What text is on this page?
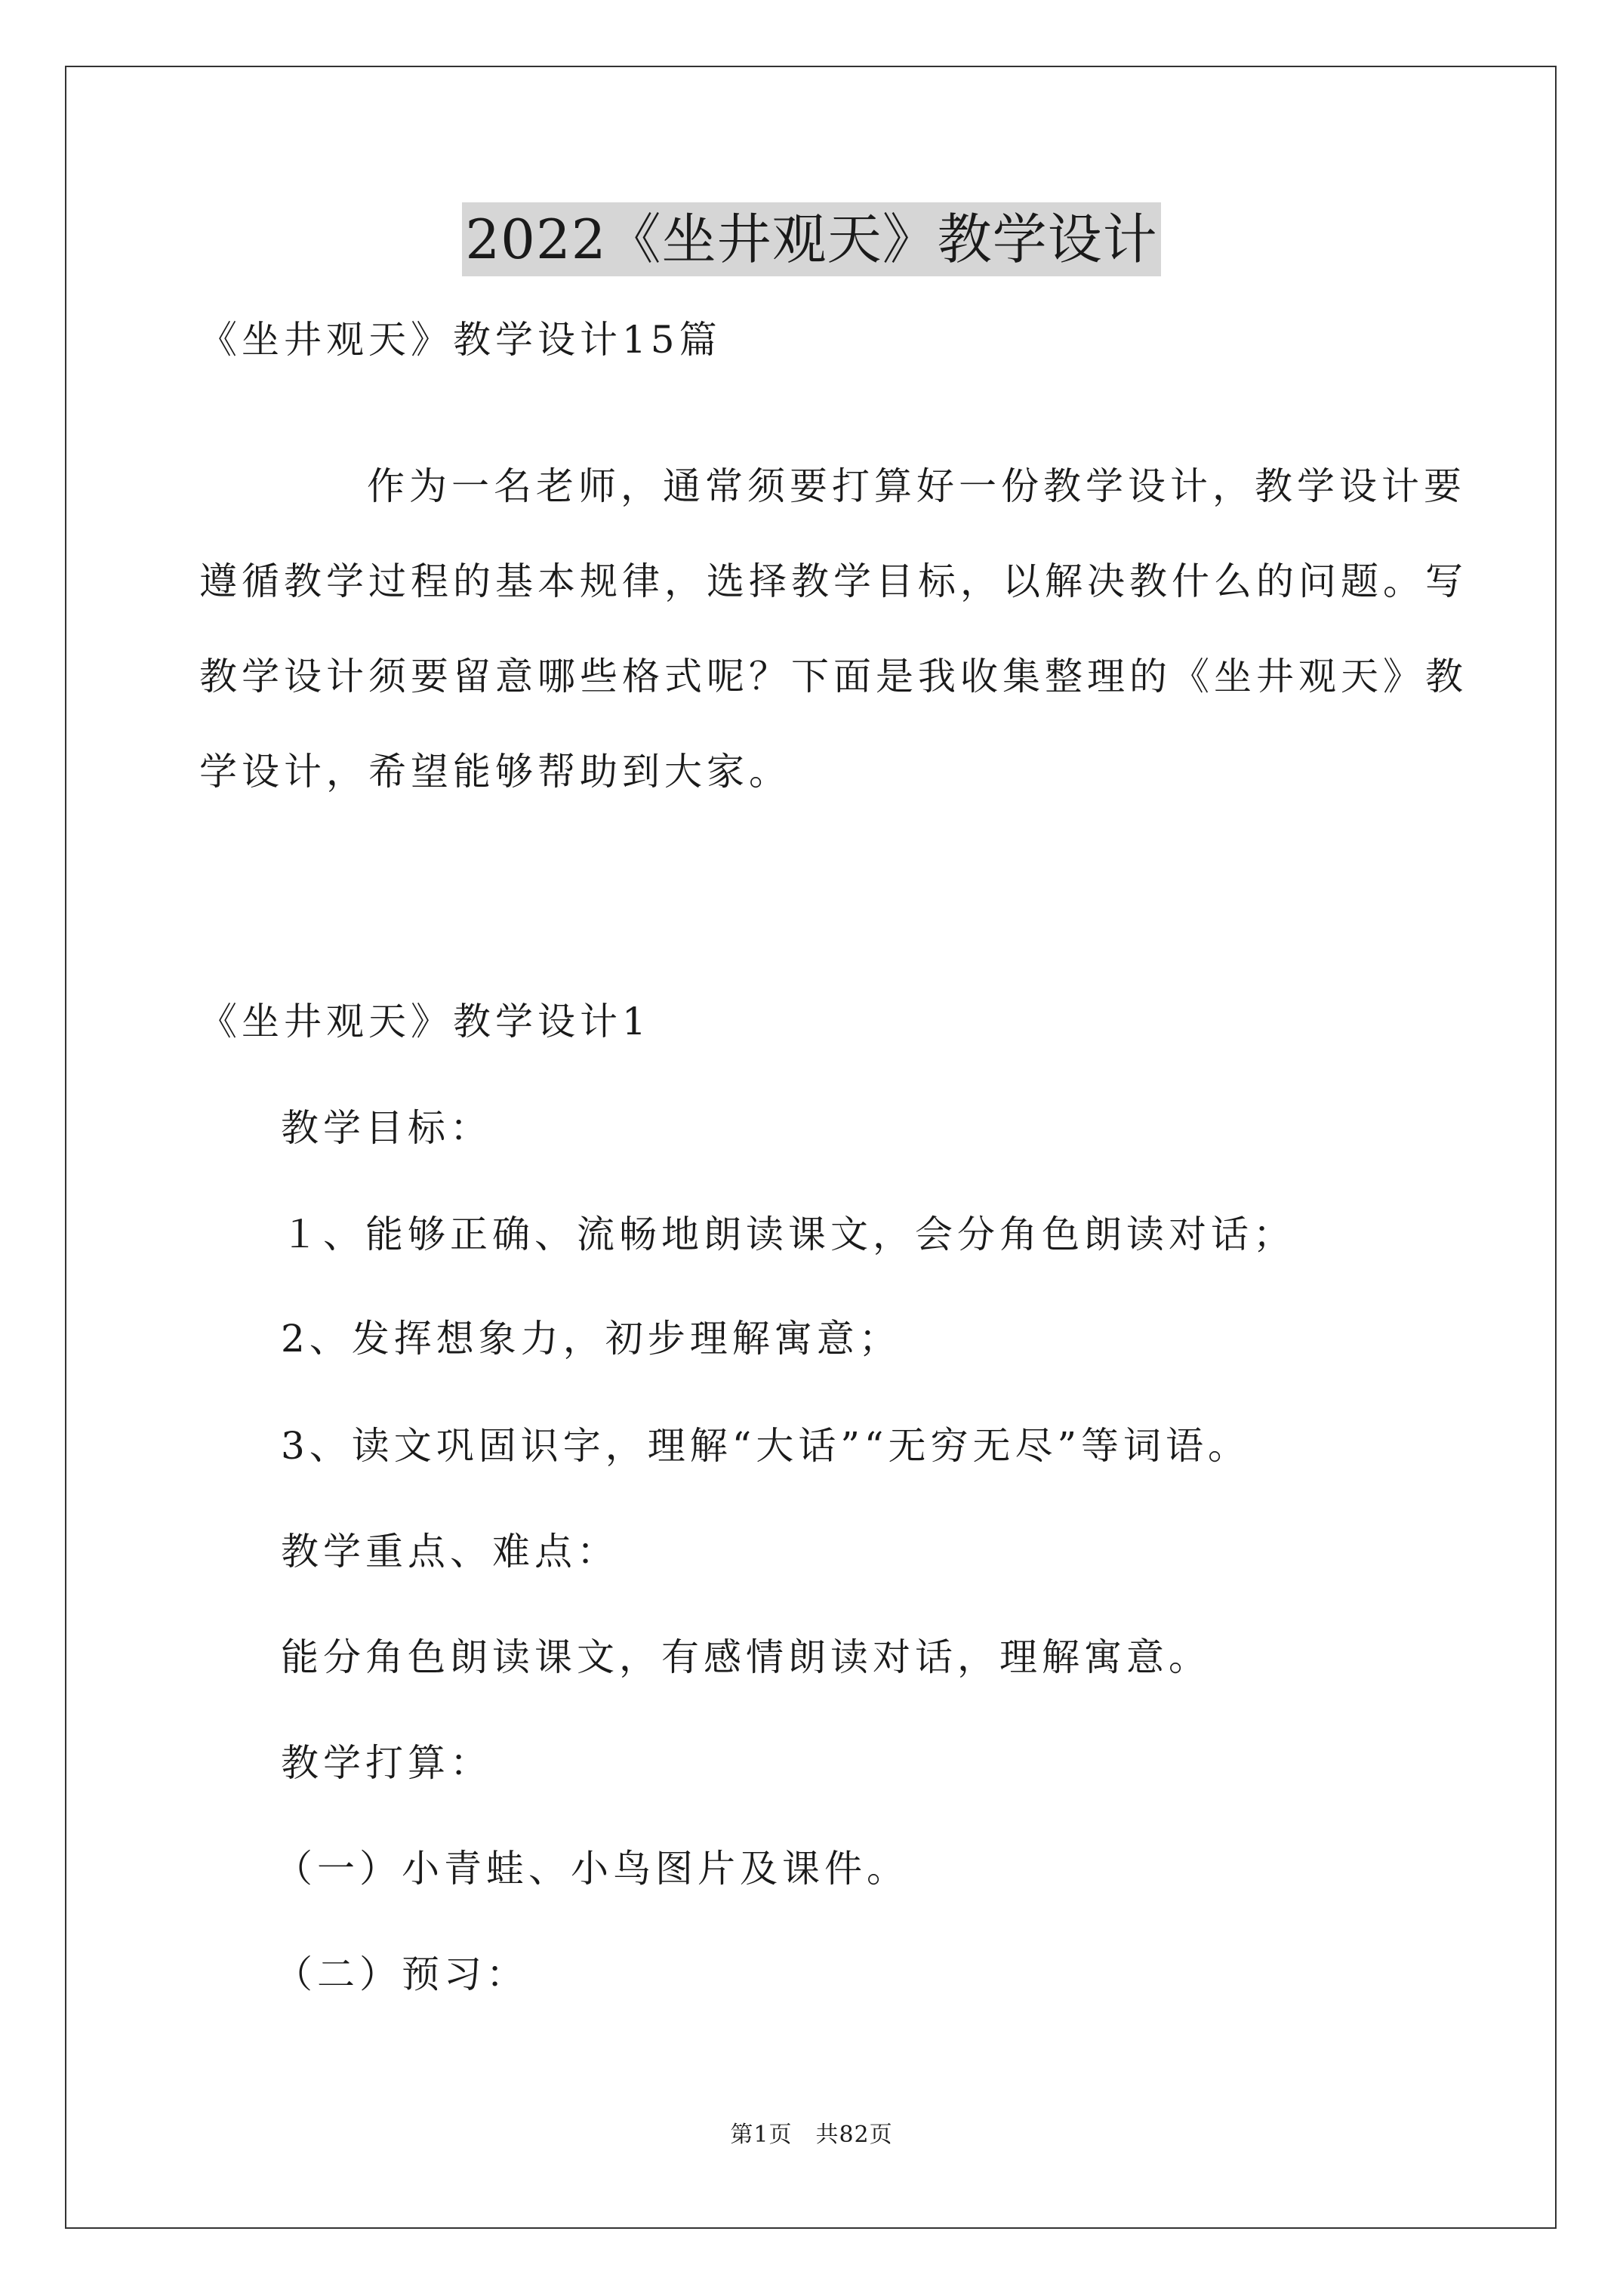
2022《坐井观天》教学设计
《坐井观天》教学设计15篇
作为一名老师，通常须要打算好一份教学设计，教学设计要
遵循教学过程的基本规律，选择教学目标，以解决教什么的问题。写
教学设计须要留意哪些格式呢？下面是我收集整理的《坐井观天》教
学设计，希望能够帮助到大家。
《坐井观天》教学设计1
教学目标：
１、能够正确、流畅地朗读课文，会分角色朗读对话；
2、发挥想象力，初步理解寓意；
3、读文巩固识字，理解“大话”“无穷无尽”等词语。
教学重点、难点：
能分角色朗读课文，有感情朗读对话，理解寓意。
教学打算：
（一）小青蛙、小鸟图片及课件。
（二）预习：
第1页　共82页
